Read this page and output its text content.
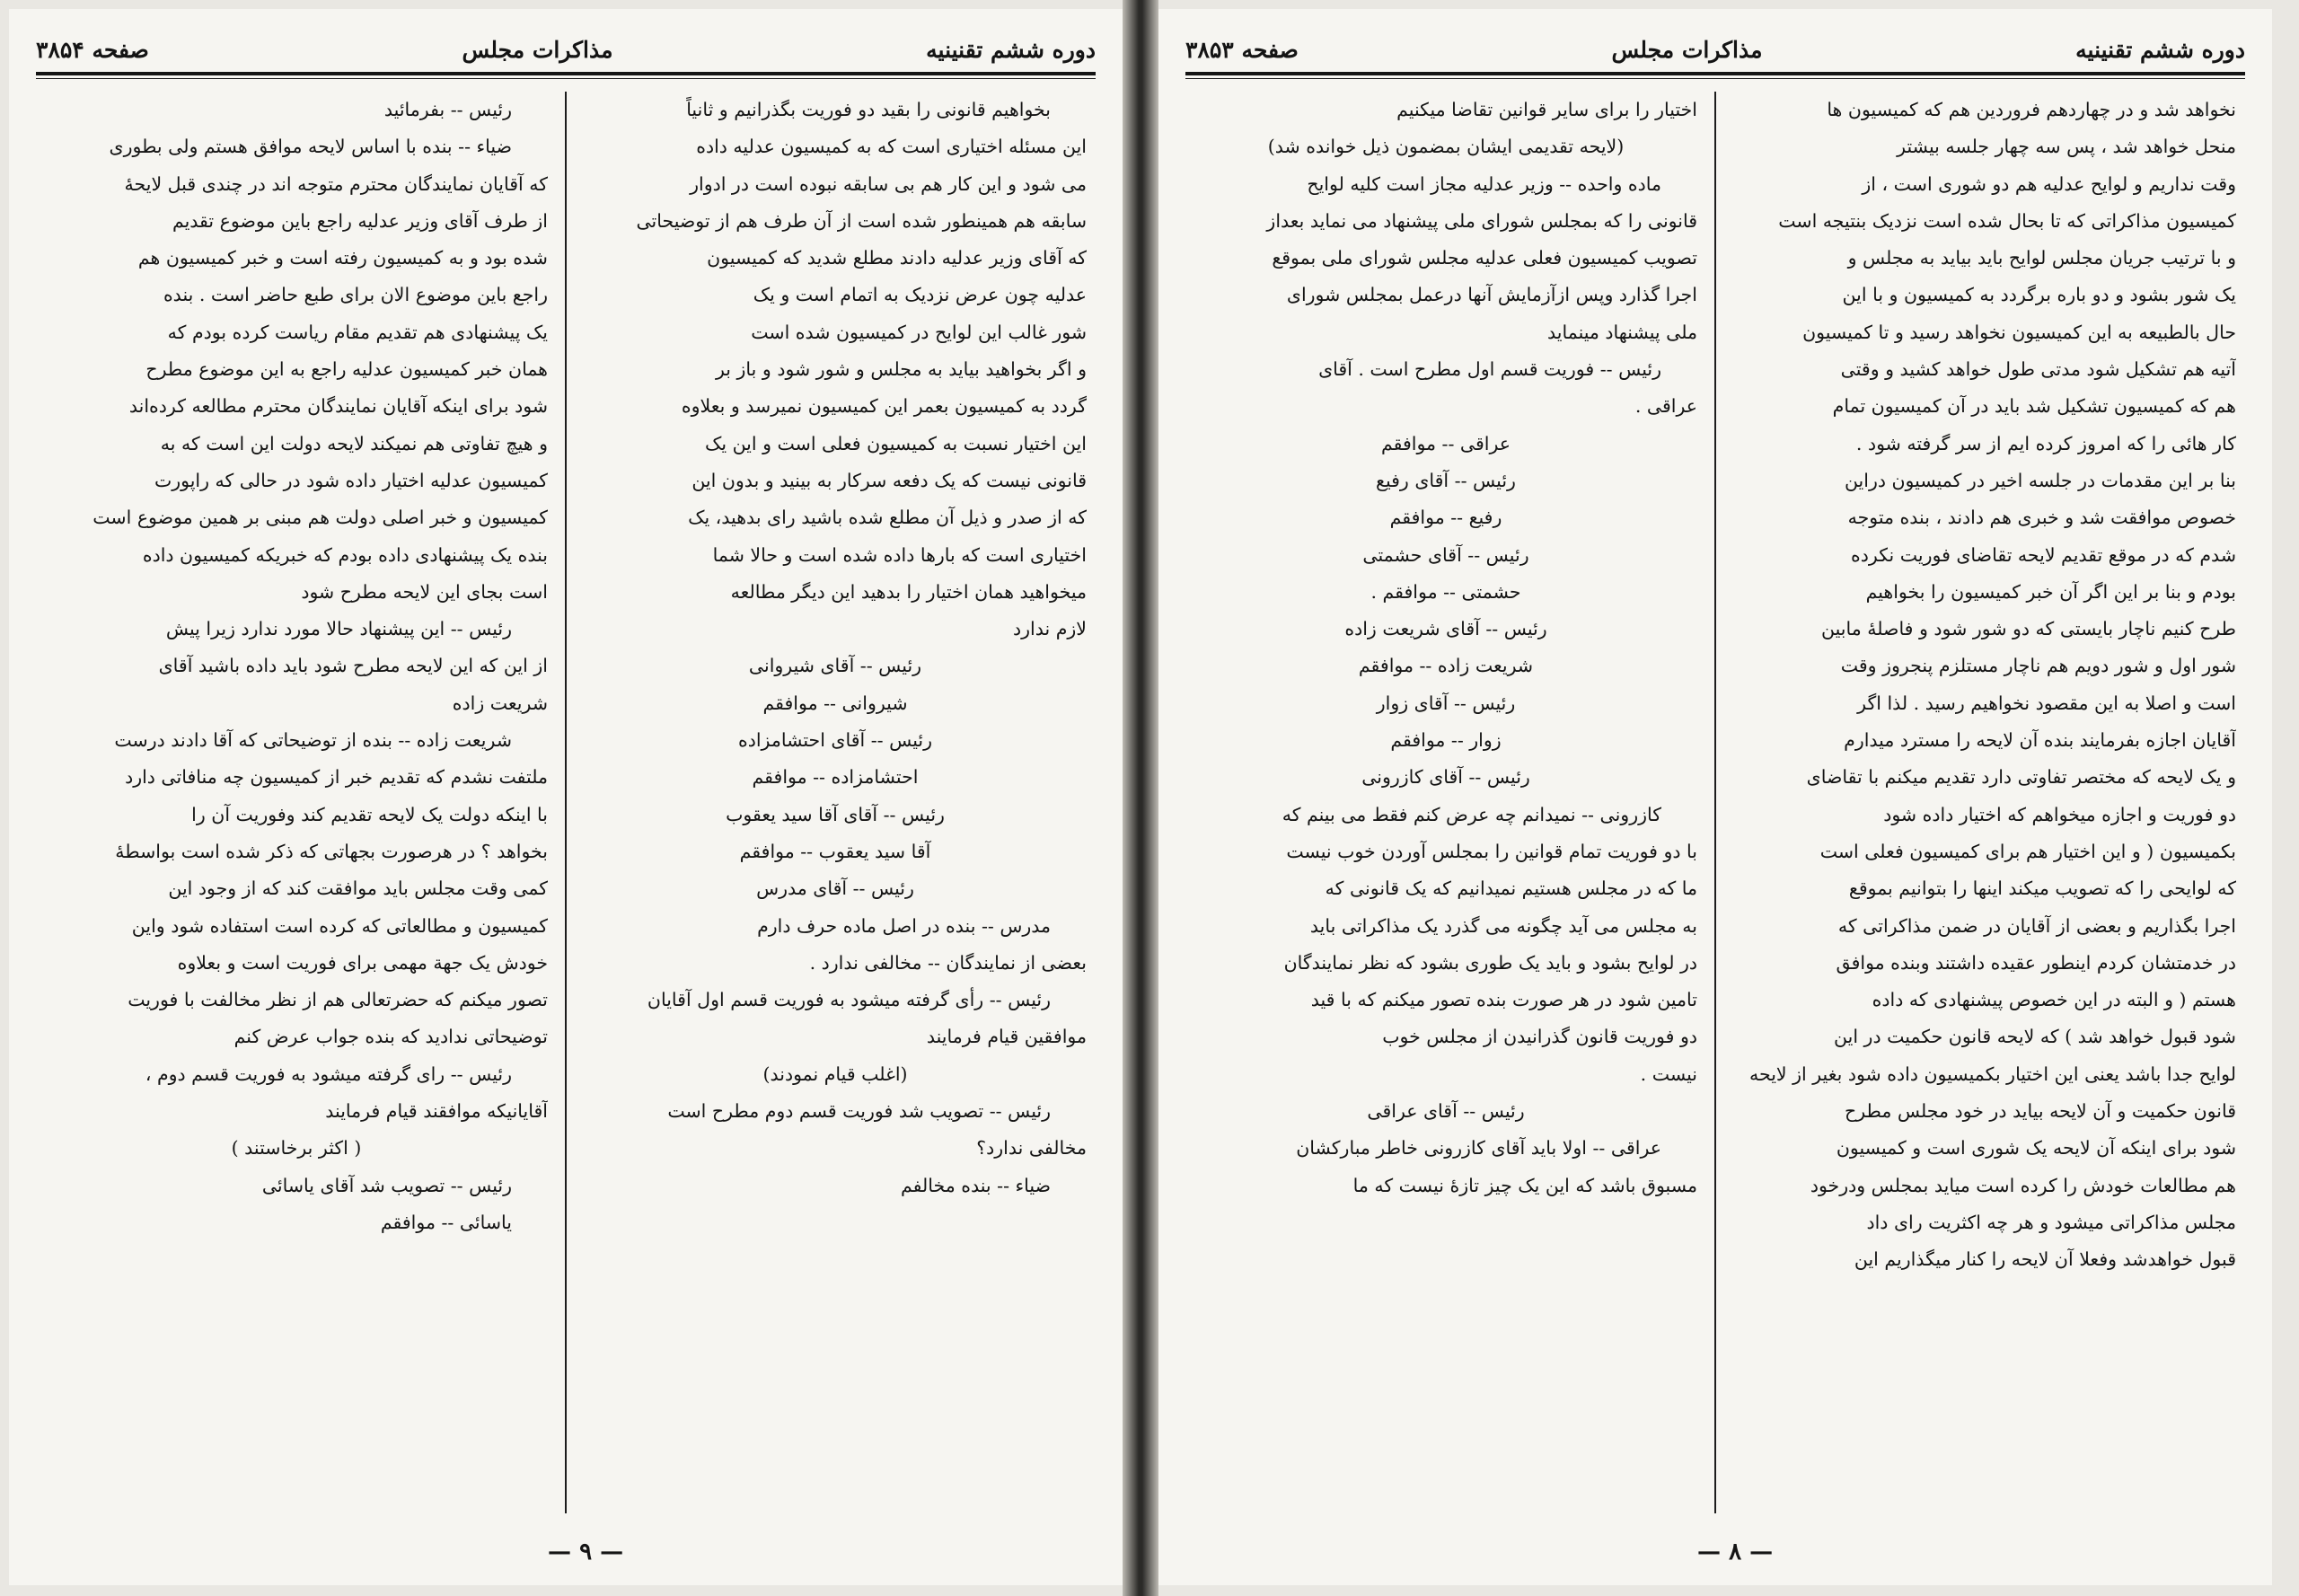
دوره ششم تقنینیه
مذاکرات مجلس
صفحه ۳۸۵۴

بخواهیم قانونی را بقید دو فوریت بگذرانیم و ثانیاً

این مسئله اختیاری است که به کمیسیون عدلیه داده

می شود و این کار هم بی سابقه نبوده است در ادوار

سابقه هم همینطور شده است از آن طرف هم از توضیحاتی

که آقای وزیر عدلیه دادند مطلع شدید که کمیسیون

عدلیه چون عرض نزدیک به اتمام است و یک

شور غالب این لوایح در کمیسیون شده است

و اگر بخواهید بیاید به مجلس و شور شود و باز بر

گردد به کمیسیون بعمر این کمیسیون نمیرسد و بعلاوه

این اختیار نسبت به کمیسیون فعلی است و این یک

قانونی نیست که یک دفعه سرکار به بینید و بدون این

که از صدر و ذیل آن مطلع شده باشید رای بدهید، یک

اختیاری است که بارها داده شده است و حالا شما

میخواهید همان اختیار را بدهید این دیگر مطالعه

لازم ندارد

رئیس -- آقای شیروانی

شیروانی -- موافقم

رئیس -- آقای احتشامزاده

احتشامزاده -- موافقم

رئیس -- آقای آقا سید یعقوب

آقا سید یعقوب -- موافقم

رئیس -- آقای مدرس

مدرس -- بنده در اصل ماده حرف دارم

بعضی از نمایندگان -- مخالفی ندارد .

رئیس -- رأی گرفته میشود به فوریت قسم اول آقایان

موافقین قیام فرمایند

(اغلب قیام نمودند)

رئیس -- تصویب شد فوریت قسم دوم مطرح است

مخالفی ندارد؟

ضیاء -- بنده مخالفم

رئیس -- بفرمائید

ضیاء -- بنده با اساس لایحه موافق هستم ولی بطوری

که آقایان نمایندگان محترم متوجه اند در چندی قبل لایحهٔ

از طرف آقای وزیر عدلیه راجع باین موضوع تقدیم

شده بود و به کمیسیون رفته است و خبر کمیسیون هم

راجع باین موضوع الان برای طبع حاضر است . بنده

یک پیشنهادی هم تقدیم مقام ریاست کرده بودم که

همان خبر کمیسیون عدلیه راجع به این موضوع مطرح

شود برای اینکه آقایان نمایندگان محترم مطالعه کرده‌اند

و هیچ تفاوتی هم نمیکند لایحه دولت این است که به

کمیسیون عدلیه اختیار داده شود در حالی که راپورت

کمیسیون و خبر اصلی دولت هم مبنی بر همین موضوع است

بنده یک پیشنهادی داده بودم که خبریکه کمیسیون داده

است بجای این لایحه مطرح شود

رئیس -- این پیشنهاد حالا مورد ندارد زیرا پیش

از این که این لایحه مطرح شود باید داده باشید آقای

شریعت زاده

شریعت زاده -- بنده از توضیحاتی که آقا دادند درست

ملتفت نشدم که تقدیم خبر از کمیسیون چه منافاتی دارد

با اینکه دولت یک لایحه تقدیم کند وفوریت آن را

بخواهد ؟ در هرصورت بجهاتی که ذکر شده است بواسطهٔ

کمی وقت مجلس باید موافقت کند که از وجود این

کمیسیون و مطالعاتی که کرده است استفاده شود واین

خودش یک جهة مهمی برای فوریت است و بعلاوه

تصور میکنم که حضرتعالی هم از نظر مخالفت با فوریت

توضیحاتی ندادید که بنده جواب عرض کنم

رئیس -- رای گرفته میشود به فوریت قسم دوم ،

آقایانیکه موافقند قیام فرمایند

( اکثر برخاستند )

رئیس -- تصویب شد آقای یاسائی

یاسائی -- موافقم

— ۹ —
دوره ششم تقنینیه
مذاکرات مجلس
صفحه ۳۸۵۳

نخواهد شد و در چهاردهم فروردین هم که کمیسیون ها

منحل خواهد شد ، پس سه چهار جلسه بیشتر

وقت نداریم و لوایح عدلیه هم دو شوری است ، از

کمیسیون مذاکراتی که تا بحال شده است نزدیک بنتیجه است

و با ترتیب جریان مجلس لوایح باید بیاید به مجلس و

یک شور بشود و دو باره برگردد به کمیسیون و با این

حال بالطبیعه به این کمیسیون نخواهد رسید و تا کمیسیون

آتیه هم تشکیل شود مدتی طول خواهد کشید و وقتی

هم که کمیسیون تشکیل شد باید در آن کمیسیون تمام

کار هائی را که امروز کرده ایم از سر گرفته شود .

بنا بر این مقدمات در جلسه اخیر در کمیسیون دراین

خصوص موافقت شد و خبری هم دادند ، بنده متوجه

شدم که در موقع تقدیم لایحه تقاضای فوریت نکرده

بودم و بنا بر این اگر آن خبر کمیسیون را بخواهیم

طرح کنیم ناچار بایستی که دو شور شود و فاصلهٔ مابین

شور اول و شور دویم هم ناچار مستلزم پنجروز وقت

است و اصلا به این مقصود نخواهیم رسید . لذا اگر

آقایان اجازه بفرمایند بنده آن لایحه را مسترد میدارم

و یک لایحه که مختصر تفاوتی دارد تقدیم میکنم با تقاضای

دو فوریت و اجازه میخواهم که اختیار داده شود

بکمیسیون ( و این اختیار هم برای کمیسیون فعلی است

که لوایحی را که تصویب میکند اینها را بتوانیم بموقع

اجرا بگذاریم و بعضی از آقایان در ضمن مذاکراتی که

در خدمتشان کردم اینطور عقیده داشتند وبنده موافق

هستم ( و البته در این خصوص پیشنهادی که داده

شود قبول خواهد شد ) که لایحه قانون حکمیت در این

لوایح جدا باشد یعنی این اختیار بکمیسیون داده شود بغیر از لایحه

قانون حکمیت و آن لایحه بیاید در خود مجلس مطرح

شود برای اینکه آن لایحه یک شوری است و کمیسیون

هم مطالعات خودش را کرده است میاید بمجلس ودرخود

مجلس مذاکراتی میشود و هر چه اکثریت رای داد

قبول خواهدشد وفعلا آن لایحه را کنار میگذاریم این

اختیار را برای سایر قوانین تقاضا میکنیم

(لایحه تقدیمی ایشان بمضمون ذیل خوانده شد)

ماده واحده -- وزیر عدلیه مجاز است کلیه لوایح

قانونی را که بمجلس شورای ملی پیشنهاد می نماید بعداز

تصویب کمیسیون فعلی عدلیه مجلس شورای ملی بموقع

اجرا گذارد وپس ازآزمایش آنها درعمل بمجلس شورای

ملی پیشنهاد مینماید

رئیس -- فوریت قسم اول مطرح است . آقای

عراقی .

عراقی -- موافقم

رئیس -- آقای رفیع

رفیع -- موافقم

رئیس -- آقای حشمتی

حشمتی -- موافقم .

رئیس -- آقای شریعت زاده

شریعت زاده -- موافقم

رئیس -- آقای زوار

زوار -- موافقم

رئیس -- آقای کازرونی

کازرونی -- نمیدانم چه عرض کنم فقط می بینم که

با دو فوریت تمام قوانین را بمجلس آوردن خوب نیست

ما که در مجلس هستیم نمیدانیم که یک قانونی که

به مجلس می آید چگونه می گذرد یک مذاکراتی باید

در لوایح بشود و باید یک طوری بشود که نظر نمایندگان

تامین شود در هر صورت بنده تصور میکنم که با قید

دو فوریت قانون گذرانیدن از مجلس خوب

نیست .

رئیس -- آقای عراقی

عراقی -- اولا باید آقای کازرونی خاطر مبارکشان

مسبوق باشد که این یک چیز تازهٔ نیست که ما

— ۸ —
